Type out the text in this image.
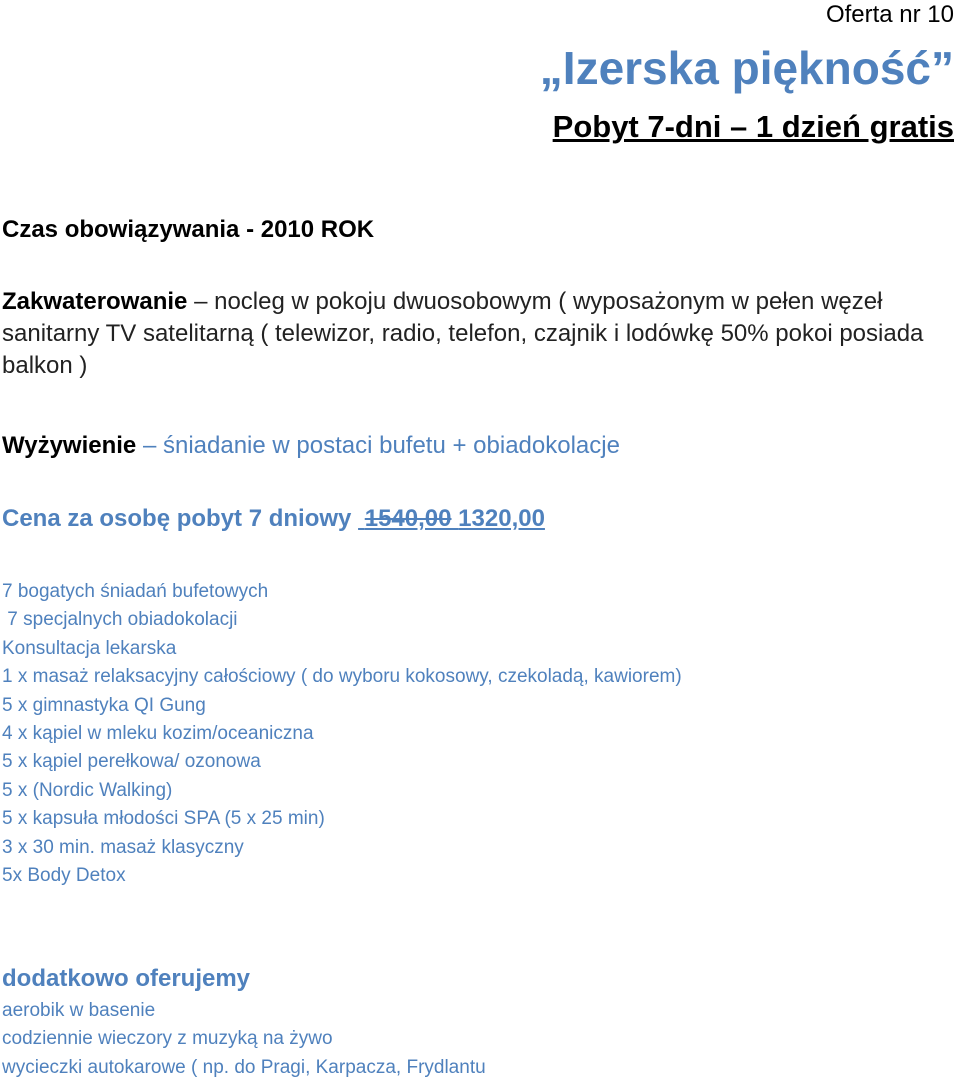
Oferta nr 10
„Izerska piękność”
Pobyt 7-dni – 1 dzień gratis
Czas obowiązywania - 2010 ROK

Zakwaterowanie – nocleg w pokoju dwuosobowym ( wyposażonym w pełen węzeł sanitarny TV satelitarną ( telewizor, radio, telefon, czajnik i lodówkę 50% pokoi posiada balkon )

Wyżywienie – śniadanie w postaci bufetu + obiadokolacje

Cena za osobę pobyt 7 dniowy  1540,00 1320,00
7 bogatych śniadań bufetowych
7 specjalnych obiadokolacji
Konsultacja lekarska
1 x masaż relaksacyjny całościowy ( do wyboru kokosowy, czekoladą, kawiorem)
5 x gimnastyka QI Gung
4 x kąpiel w mleku kozim/oceaniczna
5 x kąpiel perełkowa/ ozonowa
5 x (Nordic Walking)
5 x kapsuła młodości SPA (5 x 25 min)
3 x 30 min. masaż klasyczny
5x Body Detox
dodatkowo oferujemy
aerobik w basenie
codziennie wieczory z muzyką na żywo
wycieczki autokarowe ( np. do Pragi, Karpacza, Frydlantu
